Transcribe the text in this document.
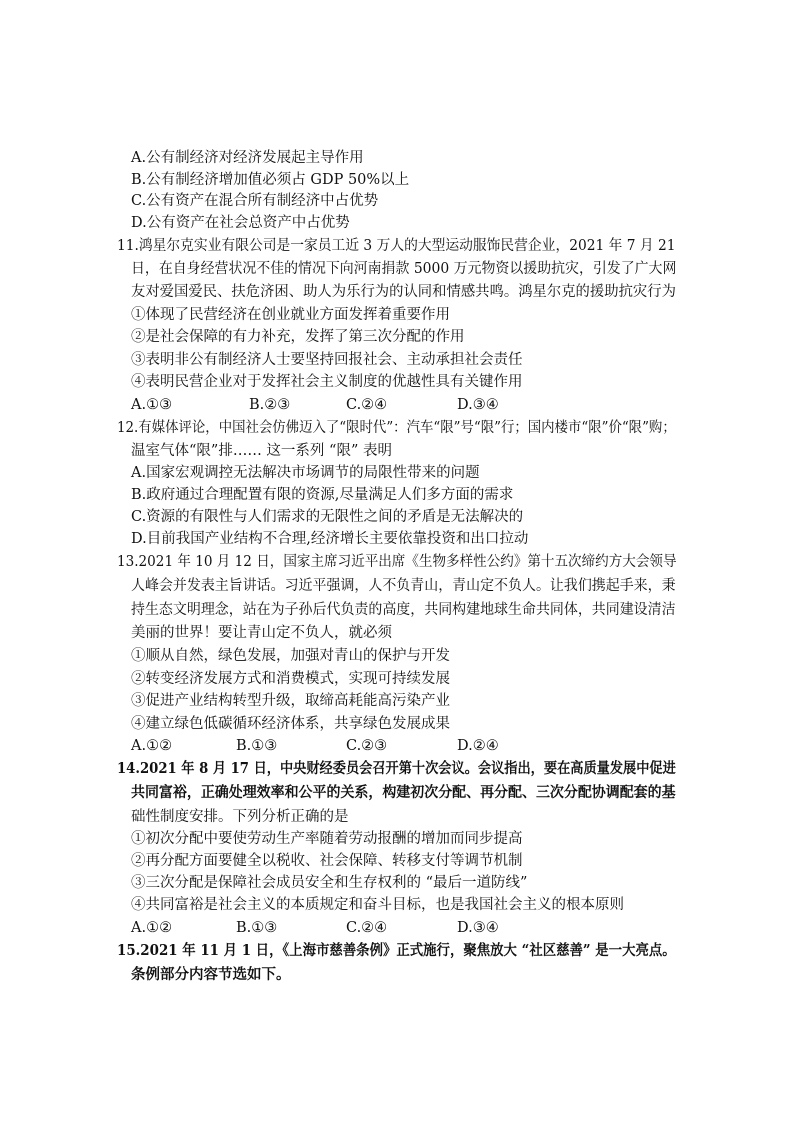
A.公有制经济对经济发展起主导作用
B.公有制经济增加值必须占 GDP 50%以上
C.公有资产在混合所有制经济中占优势
D.公有资产在社会总资产中占优势
11.鸿星尔克实业有限公司是一家员工近 3 万人的大型运动服饰民营企业，2021 年 7 月 21
日，在自身经营状况不佳的情况下向河南捐款 5000 万元物资以援助抗灾，引发了广大网
友对爱国爱民、扶危济困、助人为乐行为的认同和情感共鸣。鸿星尔克的援助抗灾行为
①体现了民营经济在创业就业方面发挥着重要作用
②是社会保障的有力补充，发挥了第三次分配的作用
③表明非公有制经济人士要坚持回报社会、主动承担社会责任
④表明民营企业对于发挥社会主义制度的优越性具有关键作用
A.①③	B.②③	C.②④	D.③④
12.有媒体评论，中国社会仿佛迈入了“限时代”：汽车“限”号“限”行；国内楼市“限”价“限”购；
温室气体“限”排…… 这一系列 “限” 表明
A.国家宏观调控无法解决市场调节的局限性带来的问题
B.政府通过合理配置有限的资源,尽量满足人们多方面的需求
C.资源的有限性与人们需求的无限性之间的矛盾是无法解决的
D.目前我国产业结构不合理,经济增长主要依靠投资和出口拉动
13.2021 年 10 月 12 日，国家主席习近平出席《生物多样性公约》第十五次缔约方大会领导
人峰会并发表主旨讲话。习近平强调，人不负青山，青山定不负人。让我们携起手来，秉
持生态文明理念，站在为子孙后代负责的高度，共同构建地球生命共同体，共同建设清洁
美丽的世界！要让青山定不负人，就必须
①顺从自然，绿色发展，加强对青山的保护与开发
②转变经济发展方式和消费模式，实现可持续发展
③促进产业结构转型升级，取缔高耗能高污染产业
④建立绿色低碳循环经济体系，共享绿色发展成果
A.①②	B.①③	C.②③	D.②④
14.2021 年 8 月 17 日，中央财经委员会召开第十次会议。会议指出，要在高质量发展中促进
共同富裕，正确处理效率和公平的关系，构建初次分配、再分配、三次分配协调配套的基
础性制度安排。下列分析正确的是
①初次分配中要使劳动生产率随着劳动报酬的增加而同步提高
②再分配方面要健全以税收、社会保障、转移支付等调节机制
③三次分配是保障社会成员安全和生存权利的 “最后一道防线”
④共同富裕是社会主义的本质规定和奋斗目标，也是我国社会主义的根本原则
A.①②	B.①③	C.②④	D.③④
15.2021 年 11 月 1 日，《上海市慈善条例》正式施行，聚焦放大 “社区慈善” 是一大亮点。
条例部分内容节选如下。
